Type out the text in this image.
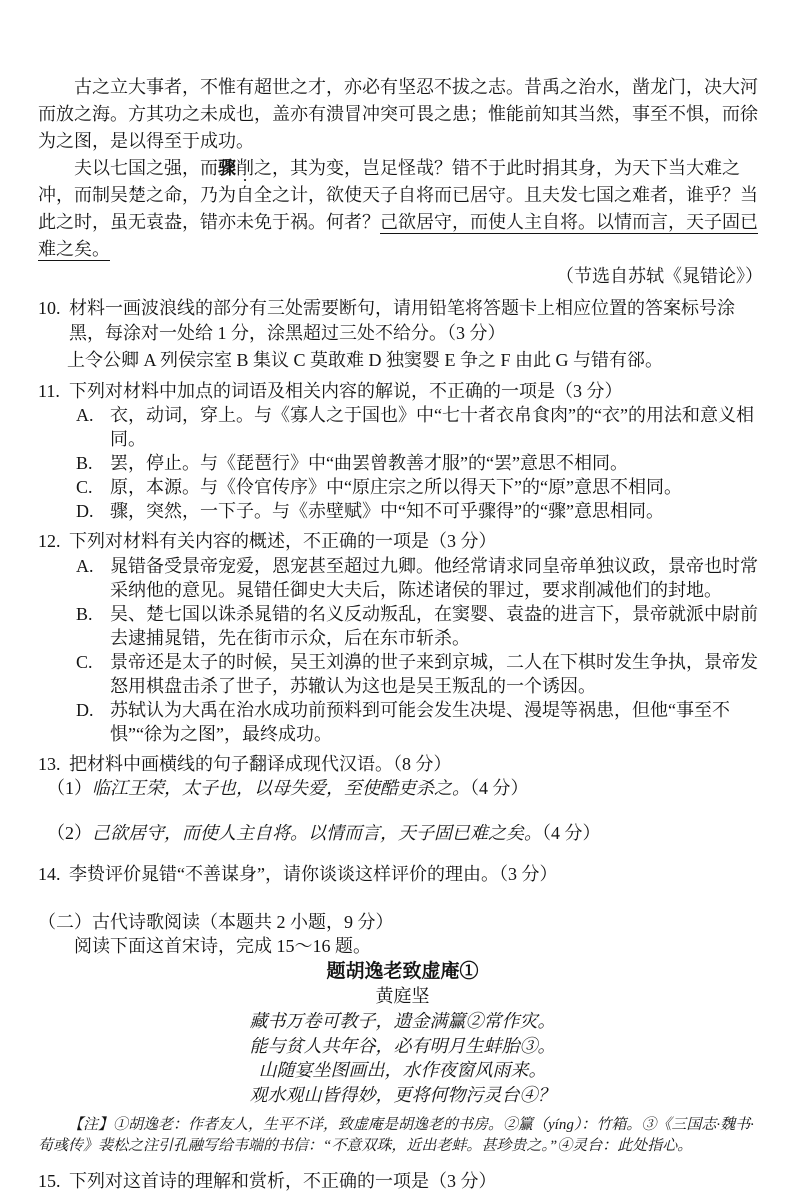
古之立大事者，不惟有超世之才，亦必有坚忍不拔之志。昔禹之治水，凿龙门，决大河而放之海。方其功之未成也，盖亦有溃冒冲突可畏之患；惟能前知其当然，事至不惧，而徐为之图，是以得至于成功。

夫以七国之强，而骤削之，其为变，岂足怪哉？错不于此时捐其身，为天下当大难之冲，而制吴楚之命，乃为自全之计，欲使天子自将而已居守。且夫发七国之难者，谁乎？当此之时，虽无袁盎，错亦未免于祸。何者？己欲居守，而使人主自将。以情而言，天子固已难之矣。

（节选自苏轼《晁错论》）

10. 材料一画波浪线的部分有三处需要断句，请用铅笔将答题卡上相应位置的答案标号涂黑，每涂对一处给 1 分，涂黑超过三处不给分。（3 分）

上令公卿 A 列侯宗室 B 集议 C 莫敢难 D 独窦婴 E 争之 F 由此 G 与错有郤。

11. 下列对材料中加点的词语及相关内容的解说，不正确的一项是（3 分）
A. 衣，动词，穿上。与《寡人之于国也》中“七十者衣帛食肉”的“衣”的用法和意义相同。
B. 罢，停止。与《琵琶行》中“曲罢曾教善才服”的“罢”意思不相同。
C. 原，本源。与《伶官传序》中“原庄宗之所以得天下”的“原”意思不相同。
D. 骤，突然，一下子。与《赤壁赋》中“知不可乎骤得”的“骤”意思相同。
12. 下列对材料有关内容的概述，不正确的一项是（3 分）
A. 晁错备受景帝宠爱，恩宠甚至超过九卿。他经常请求同皇帝单独议政，景帝也时常采纳他的意见。晁错任御史大夫后，陈述诸侯的罪过，要求削减他们的封地。
B. 吴、楚七国以诛杀晁错的名义反动叛乱，在窦婴、袁盎的进言下，景帝就派中尉前去逮捕晁错，先在街市示众，后在东市斩杀。
C. 景帝还是太子的时候，吴王刘濞的世子来到京城，二人在下棋时发生争执，景帝发怒用棋盘击杀了世子，苏辙认为这也是吴王叛乱的一个诱因。
D. 苏轼认为大禹在治水成功前预料到可能会发生决堤、漫堤等祸患，但他“事至不惧”“徐为之图”，最终成功。
13. 把材料中画横线的句子翻译成现代汉语。（8 分）

（1）临江王荣，太子也，以母失爱，至使酷吏杀之。（4 分）

（2）己欲居守，而使人主自将。以情而言，天子固已难之矣。（4 分）

14. 李贽评价晁错“不善谋身”，请你谈谈这样评价的理由。（3 分）

（二）古代诗歌阅读（本题共 2 小题，9 分）

阅读下面这首宋诗，完成 15～16 题。

题胡逸老致虚庵①

黄庭坚

藏书万卷可教子，遗金满籯②常作灾。

能与贫人共年谷，必有明月生蚌胎③。

山随宴坐图画出，水作夜窗风雨来。

观水观山皆得妙，更将何物污灵台④？

【注】①胡逸老：作者友人，生平不详，致虚庵是胡逸老的书房。②籯（yíng）：竹箱。③《三国志·魏书·荀彧传》裴松之注引孔融写给韦端的书信：“不意双珠，近出老蚌。甚珍贵之。”④灵台：此处指心。

15. 下列对这首诗的理解和赏析，不正确的一项是（3 分）
